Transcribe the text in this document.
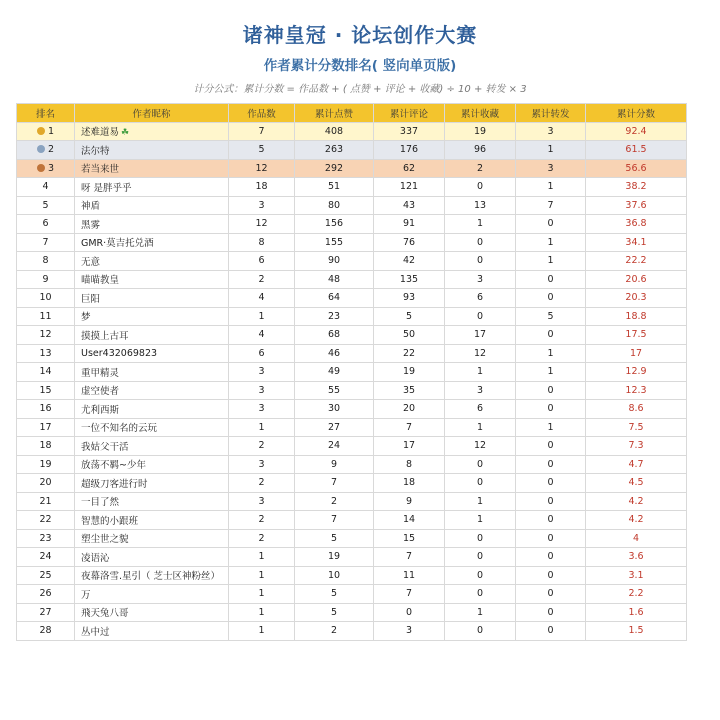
诸神皇冠 · 论坛创作大赛
作者累计分数排名( 竖向单页版)
计分公式：累计分数 = 作品数 + ( 点赞 + 评论 + 收藏) ÷ 10 + 转发 × 3
排名	作者昵称	作品数	累计点赞	累计评论	累计收藏	累计转发	累计分数
1	述难道易 ☘	7	408	337	19	3	92.4
2	法尔特	5	263	176	96	1	61.5
3	若当来世	12	292	62	2	3	56.6
4	呀 是胖乎乎	18	51	121	0	1	38.2
5	神盾	3	80	43	13	7	37.6
6	黑雾	12	156	91	1	0	36.8
7	GMR·莫吉托兑酒	8	155	76	0	1	34.1
8	无意	6	90	42	0	1	22.2
9	喵喵教皇	2	48	135	3	0	20.6
10	巨阳	4	64	93	6	0	20.3
11	梦	1	23	5	0	5	18.8
12	摸摸上古耳	4	68	50	17	0	17.5
13	User432069823	6	46	22	12	1	17
14	重甲精灵	3	49	19	1	1	12.9
15	虚空使者	3	55	35	3	0	12.3
16	尤利西斯	3	30	20	6	0	8.6
17	一位不知名的云玩	1	27	7	1	1	7.5
18	我姑父干活	2	24	17	12	0	7.3
19	放荡不羁~少年	3	9	8	0	0	4.7
20	超级刀客进行时	2	7	18	0	0	4.5
21	一目了然	3	2	9	1	0	4.2
22	智慧的小跟班	2	7	14	1	0	4.2
23	塑尘世之貌	2	5	15	0	0	4
24	凌语沁	1	19	7	0	0	3.6
25	夜幕洛雪.星引（ 芝士区神粉丝）	1	10	11	0	0	3.1
26	万	1	5	7	0	0	2.2
27	飛天兔八哥	1	5	0	1	0	1.6
28	丛中过	1	2	3	0	0	1.5
